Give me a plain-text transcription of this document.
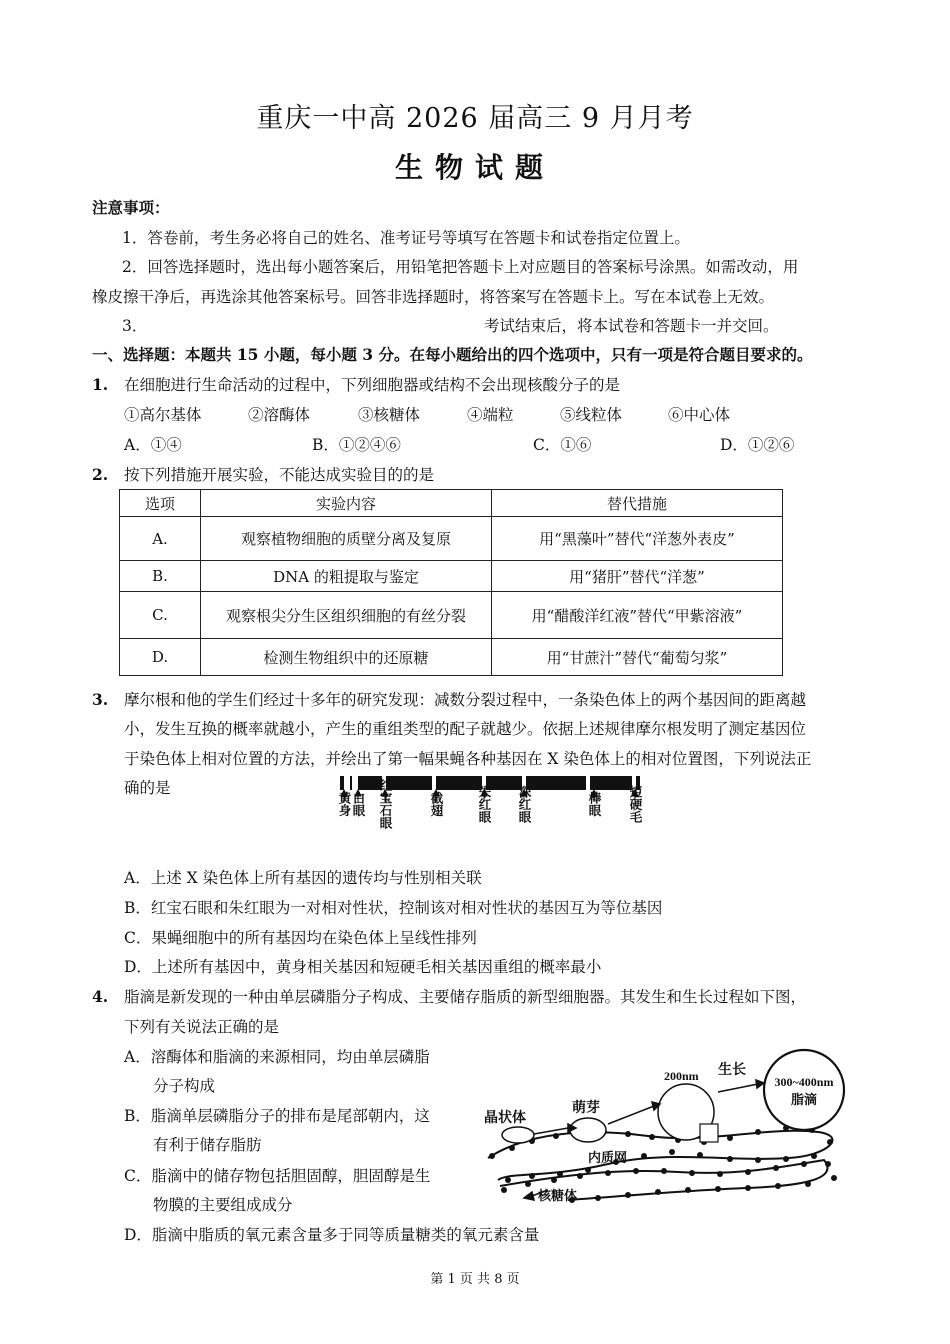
重庆一中高 2026 届高三 9 月月考
生物试题
注意事项：
1．答卷前，考生务必将自己的姓名、准考证号等填写在答题卡和试卷指定位置上。
2．回答选择题时，选出每小题答案后，用铅笔把答题卡上对应题目的答案标号涂黑。如需改动，用
橡皮擦干净后，再选涂其他答案标号。回答非选择题时，将答案写在答题卡上。写在本试卷上无效。
3．	考试结束后，将本试卷和答题卡一并交回。
一、选择题：本题共 15 小题，每小题 3 分。在每小题给出的四个选项中，只有一项是符合题目要求的。
1. 在细胞进行生命活动的过程中，下列细胞器或结构不会出现核酸分子的是
①高尔基体	②溶酶体	③核糖体	④端粒	⑤线粒体	⑥中心体
A．①④	B．①②④⑥	C．①⑥	D．①②⑥
2. 按下列措施开展实验，不能达成实验目的的是
选项	实验内容	替代措施
A.	观察植物细胞的质壁分离及复原	用“黑藻叶”替代“洋葱外表皮”
B.	DNA 的粗提取与鉴定	用“猪肝”替代“洋葱”
C.	观察根尖分生区组织细胞的有丝分裂	用“醋酸洋红液”替代“甲紫溶液”
D.	检测生物组织中的还原糖	用“甘蔗汁”替代“葡萄匀浆”
3. 摩尔根和他的学生们经过十多年的研究发现：减数分裂过程中，一条染色体上的两个基因间的距离越
小，发生互换的概率就越小，产生的重组类型的配子就越少。依据上述规律摩尔根发明了测定基因位
于染色体上相对位置的方法，并绘出了第一幅果蝇各种基因在 X 染色体上的相对位置图，下列说法正
确的是
黄身 白眼 红宝石眼	截翅	朱红眼 深红眼	棒眼 短硬毛
A．上述 X 染色体上所有基因的遗传均与性别相关联
B．红宝石眼和朱红眼为一对相对性状，控制该对相对性状的基因互为等位基因
C．果蝇细胞中的所有基因均在染色体上呈线性排列
D．上述所有基因中，黄身相关基因和短硬毛相关基因重组的概率最小
4. 脂滴是新发现的一种由单层磷脂分子构成、主要储存脂质的新型细胞器。其发生和生长过程如下图，
下列有关说法正确的是
A．溶酶体和脂滴的来源相同，均由单层磷脂
分子构成
B．脂滴单层磷脂分子的排布是尾部朝内，这
有利于储存脂肪
C．脂滴中的储存物包括胆固醇，胆固醇是生
物膜的主要组成成分
D．脂滴中脂质的氧元素含量多于同等质量糖类的氧元素含量
晶状体
萌芽
200nm 生长
300~400nm
脂滴
内质网
核糖体
第 1 页 共 8 页
